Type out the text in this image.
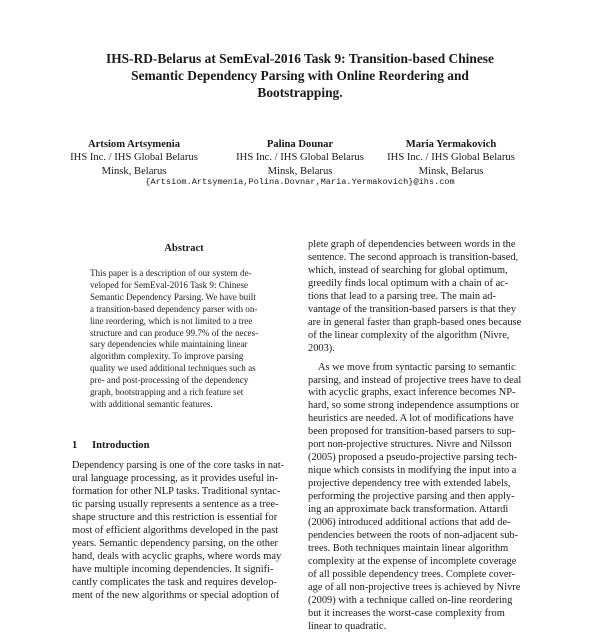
IHS-RD-Belarus at SemEval-2016 Task 9: Transition-based Chinese
Semantic Dependency Parsing with Online Reordering and
Bootstrapping.
Artsiom Artsymenia
IHS Inc. / IHS Global Belarus
Minsk, Belarus
Palina Dounar
IHS Inc. / IHS Global Belarus
Minsk, Belarus
Maria Yermakovich
IHS Inc. / IHS Global Belarus
Minsk, Belarus
{Artsiom.Artsymenia,Polina.Dovnar,Maria.Yermakovich}@ihs.com
Abstract
This paper is a description of our system de-
veloped for SemEval-2016 Task 9: Chinese
Semantic Dependency Parsing. We have built
a transition-based dependency parser with on-
line reordering, which is not limited to a tree
structure and can produce 99.7% of the neces-
sary dependencies while maintaining linear
algorithm complexity. To improve parsing
quality we used additional techniques such as
pre- and post-processing of the dependency
graph, bootstrapping and a rich feature set
with additional semantic features.
1 Introduction
Dependency parsing is one of the core tasks in nat-
ural language processing, as it provides useful in-
formation for other NLP tasks. Traditional syntac-
tic parsing usually represents a sentence as a tree-
shape structure and this restriction is essential for
most of efficient algorithms developed in the past
years. Semantic dependency parsing, on the other
hand, deals with acyclic graphs, where words may
have multiple incoming dependencies. It signifi-
cantly complicates the task and requires develop-
ment of the new algorithms or special adoption of
plete graph of dependencies between words in the
sentence. The second approach is transition-based,
which, instead of searching for global optimum,
greedily finds local optimum with a chain of ac-
tions that lead to a parsing tree. The main ad-
vantage of the transition-based parsers is that they
are in general faster than graph-based ones because
of the linear complexity of the algorithm (Nivre,
2003).
As we move from syntactic parsing to semantic
parsing, and instead of projective trees have to deal
with acyclic graphs, exact inference becomes NP-
hard, so some strong independence assumptions or
heuristics are needed. A lot of modifications have
been proposed for transition-based parsers to sup-
port non-projective structures. Nivre and Nilsson
(2005) proposed a pseudo-projective parsing tech-
nique which consists in modifying the input into a
projective dependency tree with extended labels,
performing the projective parsing and then apply-
ing an approximate back transformation. Attardi
(2006) introduced additional actions that add de-
pendencies between the roots of non-adjacent sub-
trees. Both techniques maintain linear algorithm
complexity at the expense of incomplete coverage
of all possible dependency trees. Complete cover-
age of all non-projective trees is achieved by Nivre
(2009) with a technique called on-line reordering
but it increases the worst-case complexity from
linear to quadratic.
